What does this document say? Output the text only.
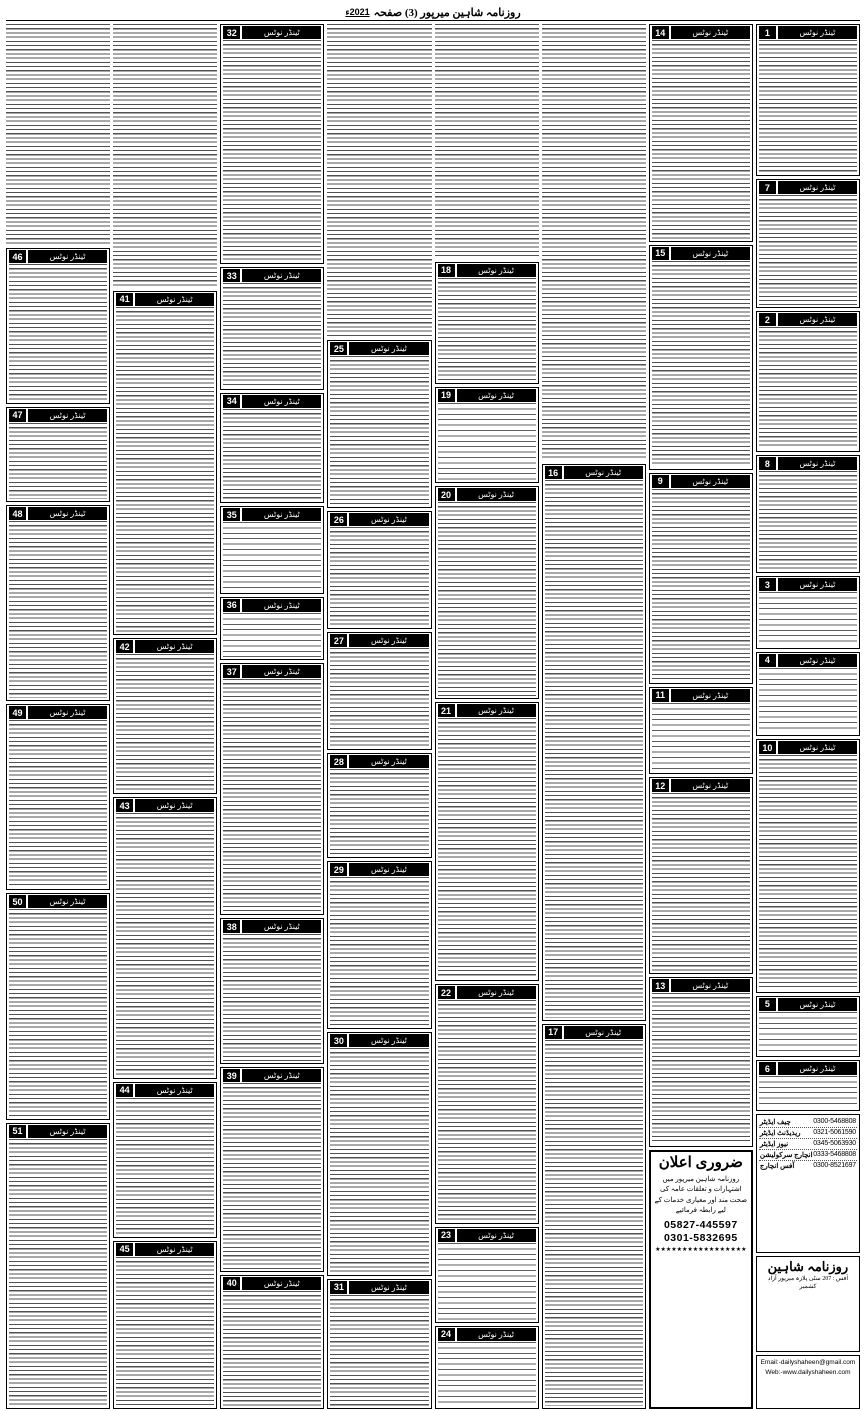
روزنامہ شاہین میرپور (3) صفحہ
2021ء
ٹینڈر نوٹس
1
ٹینڈر نوٹس
7
ٹینڈر نوٹس
2
ٹینڈر نوٹس
8
ٹینڈر نوٹس
3
ٹینڈر نوٹس
4
ٹینڈر نوٹس
10
ٹینڈر نوٹس
5
ٹینڈر نوٹس
6
چیف ایڈیٹر	0300-5468808
ریذیڈنٹ ایڈیٹر 0321-5061590
نیوز ایڈیٹر	0345-5063930
انچارج سرکولیشن 0333-5468808
آفس انچارج	0300-8521697
روزنامہ شاہین
آفس : 207 سٹی پلازہ میرپور آزاد کشمیر
Email:-dailyshaheen@gmail.com
Web:-www.dailyshaheen.com
ٹینڈر نوٹس
14
ٹینڈر نوٹس
15
ٹینڈر نوٹس
9
ٹینڈر نوٹس
11
ٹینڈر نوٹس
12
ٹینڈر نوٹس
13
ضروری اعلان
روزنامہ شاہین میرپور میں اشتہارات و تعلقات عامہ کی صحت مند اور معیاری خدمات کے لیے رابطہ فرمائیے
05827-445597
0301-5832695
★★★★★★★★★★★★★★★★★
ٹینڈر نوٹس
16
ٹینڈر نوٹس
17
ٹینڈر نوٹس
18
ٹینڈر نوٹس
19
ٹینڈر نوٹس
20
ٹینڈر نوٹس
21
ٹینڈر نوٹس
22
ٹینڈر نوٹس
23
ٹینڈر نوٹس
24
ٹینڈر نوٹس
25
ٹینڈر نوٹس
26
ٹینڈر نوٹس
27
ٹینڈر نوٹس
28
ٹینڈر نوٹس
29
ٹینڈر نوٹس
30
ٹینڈر نوٹس
31
ٹینڈر نوٹس
32
ٹینڈر نوٹس
33
ٹینڈر نوٹس
34
ٹینڈر نوٹس
35
ٹینڈر نوٹس
36
ٹینڈر نوٹس
37
ٹینڈر نوٹس
38
ٹینڈر نوٹس
39
ٹینڈر نوٹس
40
ٹینڈر نوٹس
41
ٹینڈر نوٹس
42
ٹینڈر نوٹس
43
ٹینڈر نوٹس
44
ٹینڈر نوٹس
45
ٹینڈر نوٹس
46
ٹینڈر نوٹس
47
ٹینڈر نوٹس
48
ٹینڈر نوٹس
49
ٹینڈر نوٹس
50
ٹینڈر نوٹس
51
